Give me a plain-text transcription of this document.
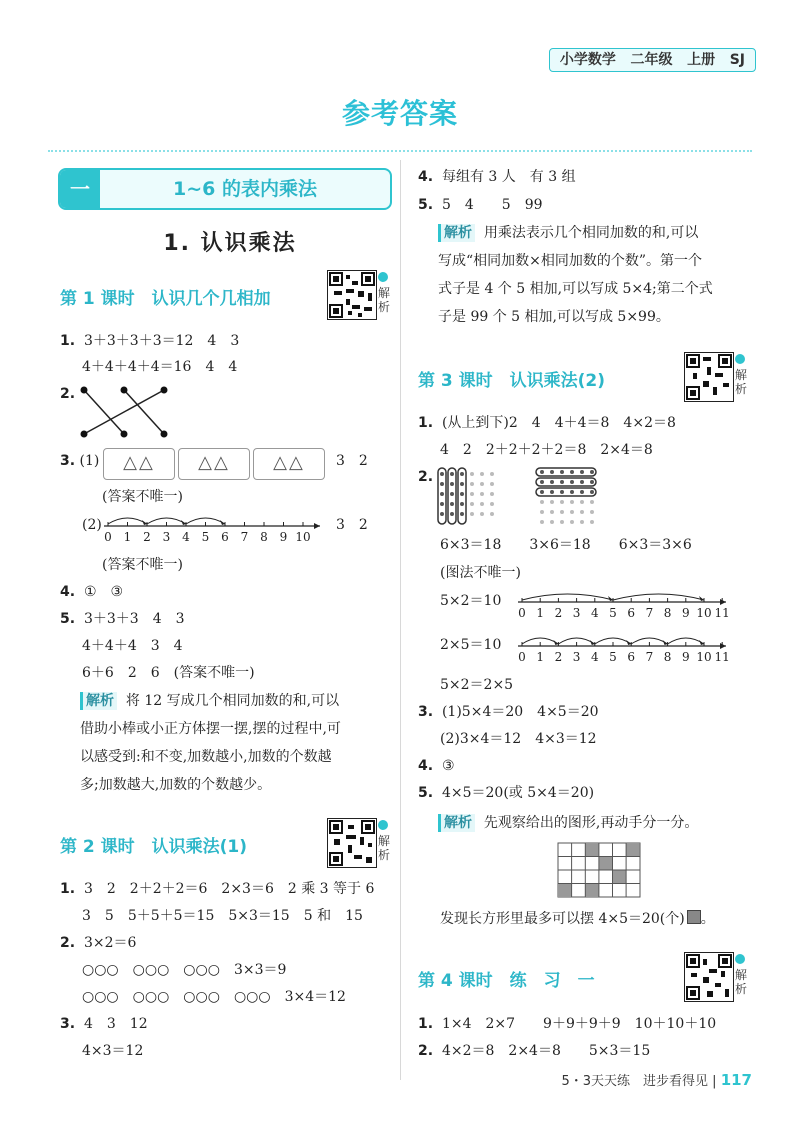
小学数学 二年级 上册 SJ
参考答案
一	1~6 的表内乘法
1. 认识乘法
第 1 课时　认识几个几相加	解
析
1. 3＋3＋3＋3＝12　4　3
4＋4＋4＋4＝16　4　4
2.
3. (1)	△△	△△	△△	3　2
(答案不唯一)
(2)
0 1 2 3 4 5 6 7 8 9 10
3　2
(答案不唯一)
4. ①　③
5. 3＋3＋3　4　3
4＋4＋4　3　4
6＋6　2　6　(答案不唯一)
解析 将 12 写成几个相同加数的和,可以
借助小棒或小正方体摆一摆,摆的过程中,可
以感受到:和不变,加数越小,加数的个数越
多;加数越大,加数的个数越少。
第 2 课时　认识乘法(1)	解
析
1. 3　2　2＋2＋2＝6　2×3＝6　2 乘 3 等于 6
3　5　5＋5＋5＝15　5×3＝15　5 和　15
2. 3×2＝6
○○○　○○○　○○○　3×3＝9
○○○　○○○　○○○　○○○　3×4＝12
3. 4　3　12
4×3＝12
4. 每组有 3 人　有 3 组
5. 5　4　　5　99
解析 用乘法表示几个相同加数的和,可以
写成“相同加数×相同加数的个数”。第一个
式子是 4 个 5 相加,可以写成 5×4;第二个式
子是 99 个 5 相加,可以写成 5×99。
第 3 课时　认识乘法(2)	解
析
1. (从上到下)2　4　4＋4＝8　4×2＝8
4　2　2＋2＋2＋2＝8　2×4＝8
2.
6×3＝18　　3×6＝18　　6×3＝3×6
(图法不唯一)
5×2＝10
0 1 2 3 4 5 6 7 8 9 10 11
2×5＝10
0 1 2 3 4 5 6 7 8 9 10 11
5×2＝2×5
3. (1)5×4＝20　4×5＝20
(2)3×4＝12　4×3＝12
4. ③
5. 4×5＝20(或 5×4＝20)
解析 先观察给出的图形,再动手分一分。
发现长方形里最多可以摆 4×5＝20(个) 。
第 4 课时　练　习　一	解
析
1. 1×4　2×7　　9＋9＋9＋9　10＋10＋10
2. 4×2＝8　2×4＝8　　5×3＝15
5・3天天练　进步看得见 | 117
